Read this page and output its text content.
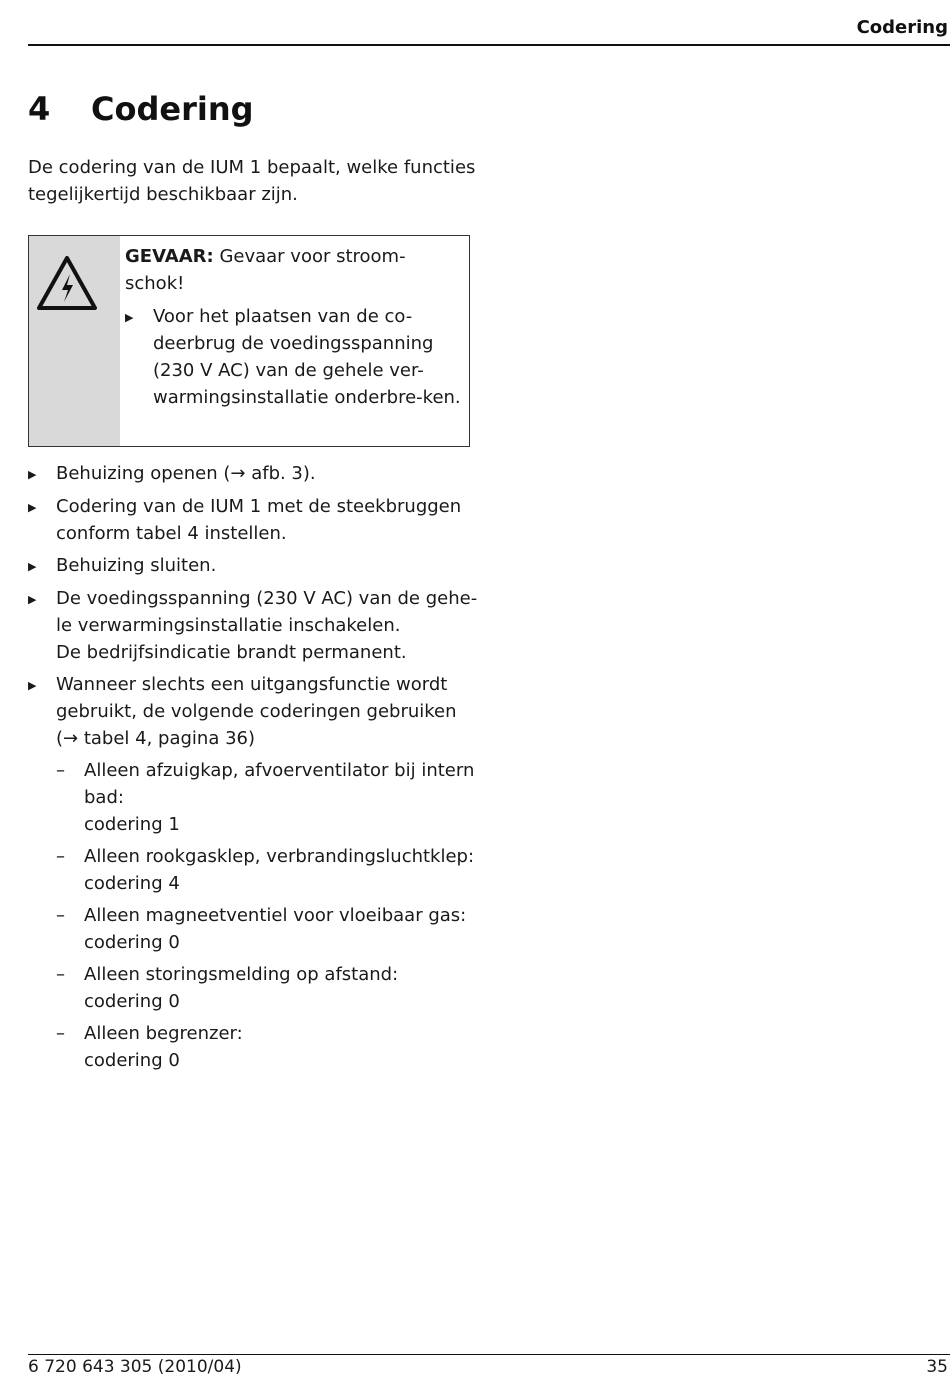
Codering
4 Codering
De codering van de IUM 1 bepaalt, welke functies tegelijkertijd beschikbaar zijn.
GEVAAR: Gevaar voor stroom-schok!
▶	Voor het plaatsen van de co-deerbrug de voedingsspanning (230 V AC) van de gehele ver-warmingsinstallatie onderbre-ken.
▶	Behuizing openen (→ afb. 3).
▶	Codering van de IUM 1 met de steekbruggen conform tabel 4 instellen.
▶	Behuizing sluiten.
▶	De voedingsspanning (230 V AC) van de gehe-le verwarmingsinstallatie inschakelen.
De bedrijfsindicatie brandt permanent.
▶	Wanneer slechts een uitgangsfunctie wordt gebruikt, de volgende coderingen gebruiken (→ tabel 4, pagina 36)
–	Alleen afzuigkap, afvoerventilator bij intern bad:
codering 1
–	Alleen rookgasklep, verbrandingsluchtklep:
codering 4
–	Alleen magneetventiel voor vloeibaar gas:
codering 0
–	Alleen storingsmelding op afstand:
codering 0
–	Alleen begrenzer:
codering 0
6 720 643 305 (2010/04)	35
